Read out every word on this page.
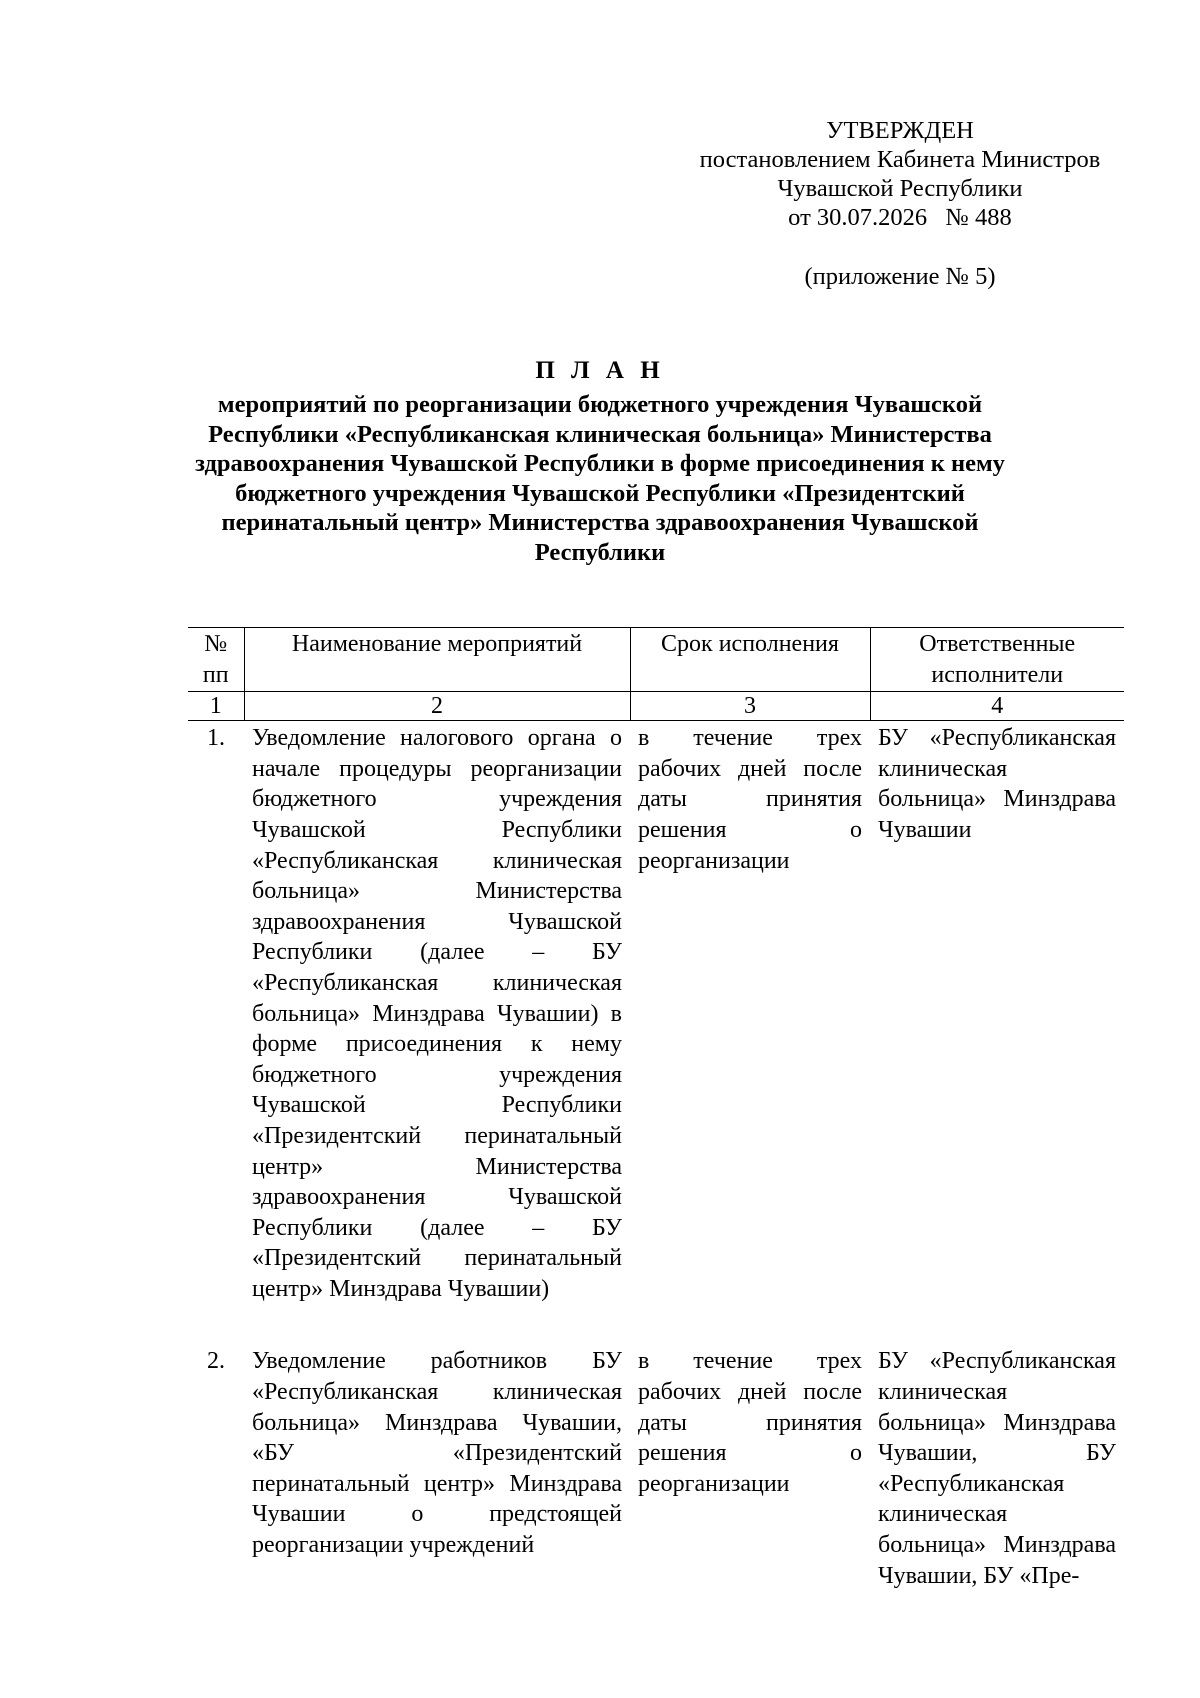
УТВЕРЖДЕН
постановлением Кабинета Министров
Чувашской Республики
от 30.07.2026   № 488
(приложение № 5)
П Л А Н
мероприятий по реорганизации бюджетного учреждения Чувашской Республики «Республиканская клиническая больница» Министерства здравоохранения Чувашской Республики в форме присоединения к нему бюджетного учреждения Чувашской Республики «Президентский перинатальный центр» Министерства здравоохранения Чувашской Республики
№ пп	Наименование мероприятий	Срок исполнения	Ответственные исполнители
1	2	3	4
1.	Уведомление налогового органа о начале процедуры реорганизации бюджетного учреждения Чувашской Республики «Республиканская клиническая больница» Министерства здравоохранения Чувашской Республики (далее – БУ «Республиканская клиническая больница» Минздрава Чувашии) в форме присоединения к нему бюджетного учреждения Чувашской Республики «Президентский перинатальный центр» Министерства здравоохранения Чувашской Республики (далее – БУ «Президентский перинатальный центр» Минздрава Чувашии)	в течение трех рабочих дней после даты принятия решения о реорганизации	БУ «Республиканская клиническая больница» Минздрава Чувашии
2.	Уведомление работников БУ «Республиканская клиническая больница» Минздрава Чувашии, «БУ «Президентский перинатальный центр» Минздрава Чувашии о предстоящей реорганизации учреждений	в течение трех рабочих дней после даты принятия решения о реорганизации	БУ «Республиканская клиническая больница» Минздрава Чувашии, БУ «Республиканская клиническая больница» Минздрава Чувашии, БУ «Пре-
